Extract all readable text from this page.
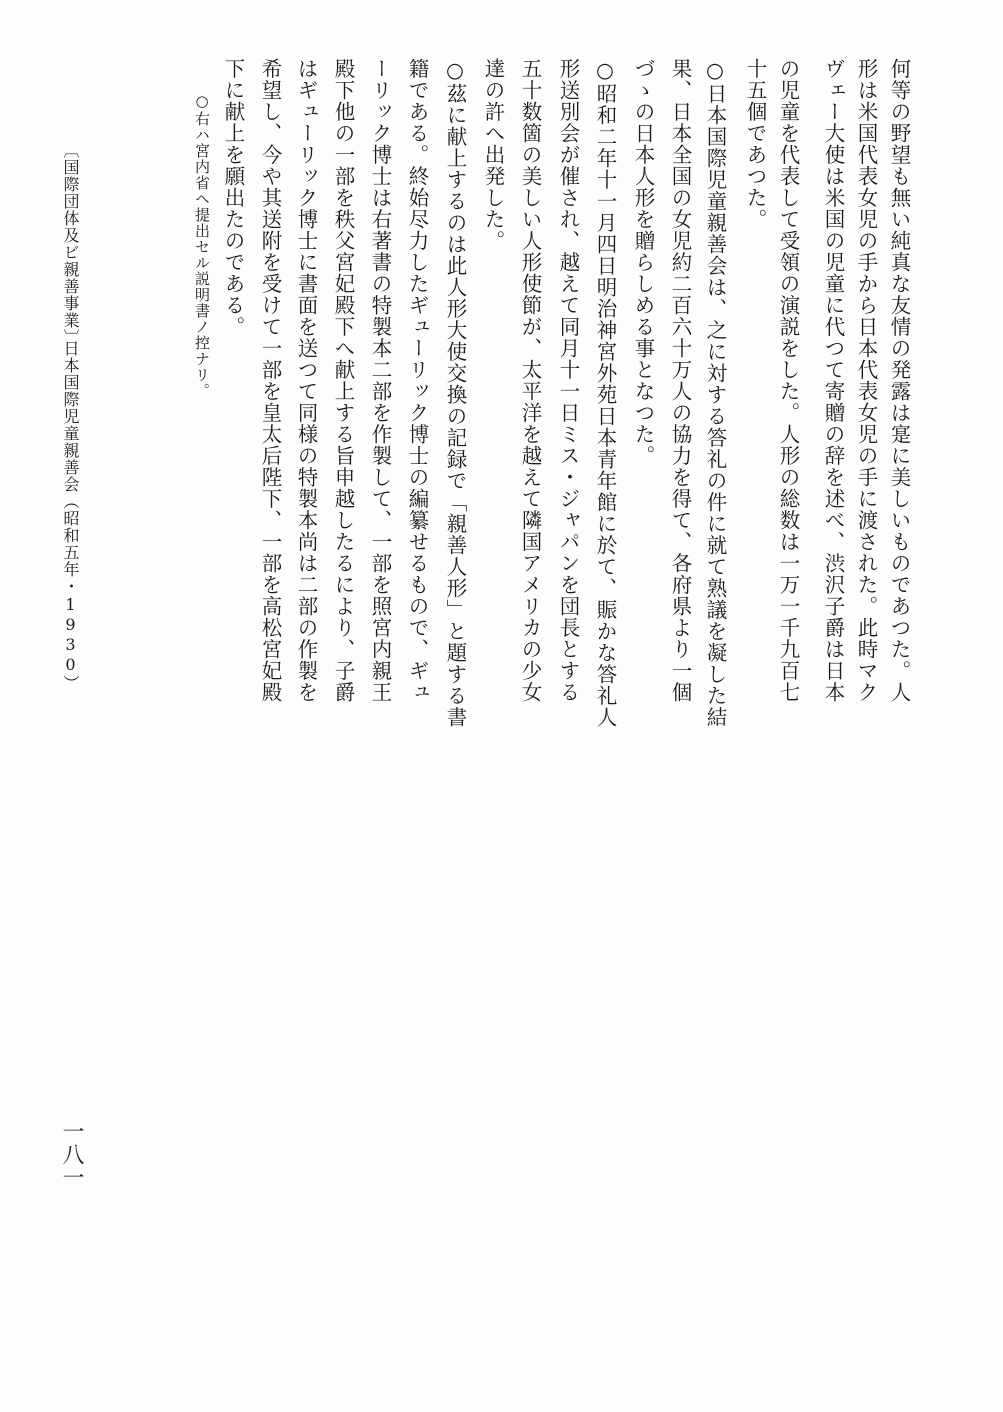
何等の野望も無い純真な友情の発露は寔に美しいものであつた。人
形は米国代表女児の手から日本代表女児の手に渡された。此時マク
ヴェー大使は米国の児童に代つて寄贈の辞を述べ、渋沢子爵は日本
の児童を代表して受領の演説をした。人形の総数は一万一千九百七
十五個であつた。
○日本国際児童親善会は、之に対する答礼の件に就て熟議を凝した結
果、日本全国の女児約二百六十万人の協力を得て、各府県より一個
づゝの日本人形を贈らしめる事となつた。
○昭和二年十一月四日明治神宮外苑日本青年館に於て、賑かな答礼人
形送別会が催され、越えて同月十一日ミス・ジャパンを団長とする
五十数箇の美しい人形使節が、太平洋を越えて隣国アメリカの少女
達の許へ出発した。
○茲に献上するのは此人形大使交換の記録で「親善人形」と題する書
籍である。終始尽力したギューリック博士の編纂せるもので、ギュ
ーリック博士は右著書の特製本二部を作製して、一部を照宮内親王
殿下他の一部を秩父宮妃殿下へ献上する旨申越したるにより、子爵
はギューリック博士に書面を送つて同様の特製本尚は二部の作製を
希望し、今や其送附を受けて一部を皇太后陛下、一部を高松宮妃殿
下に献上を願出たのである。
○右ハ宮内省ヘ提出セル説明書ノ控ナリ。
〔国際団体及ビ親善事業〕
日本国際児童親善会（昭和五年・1930）
一八一
